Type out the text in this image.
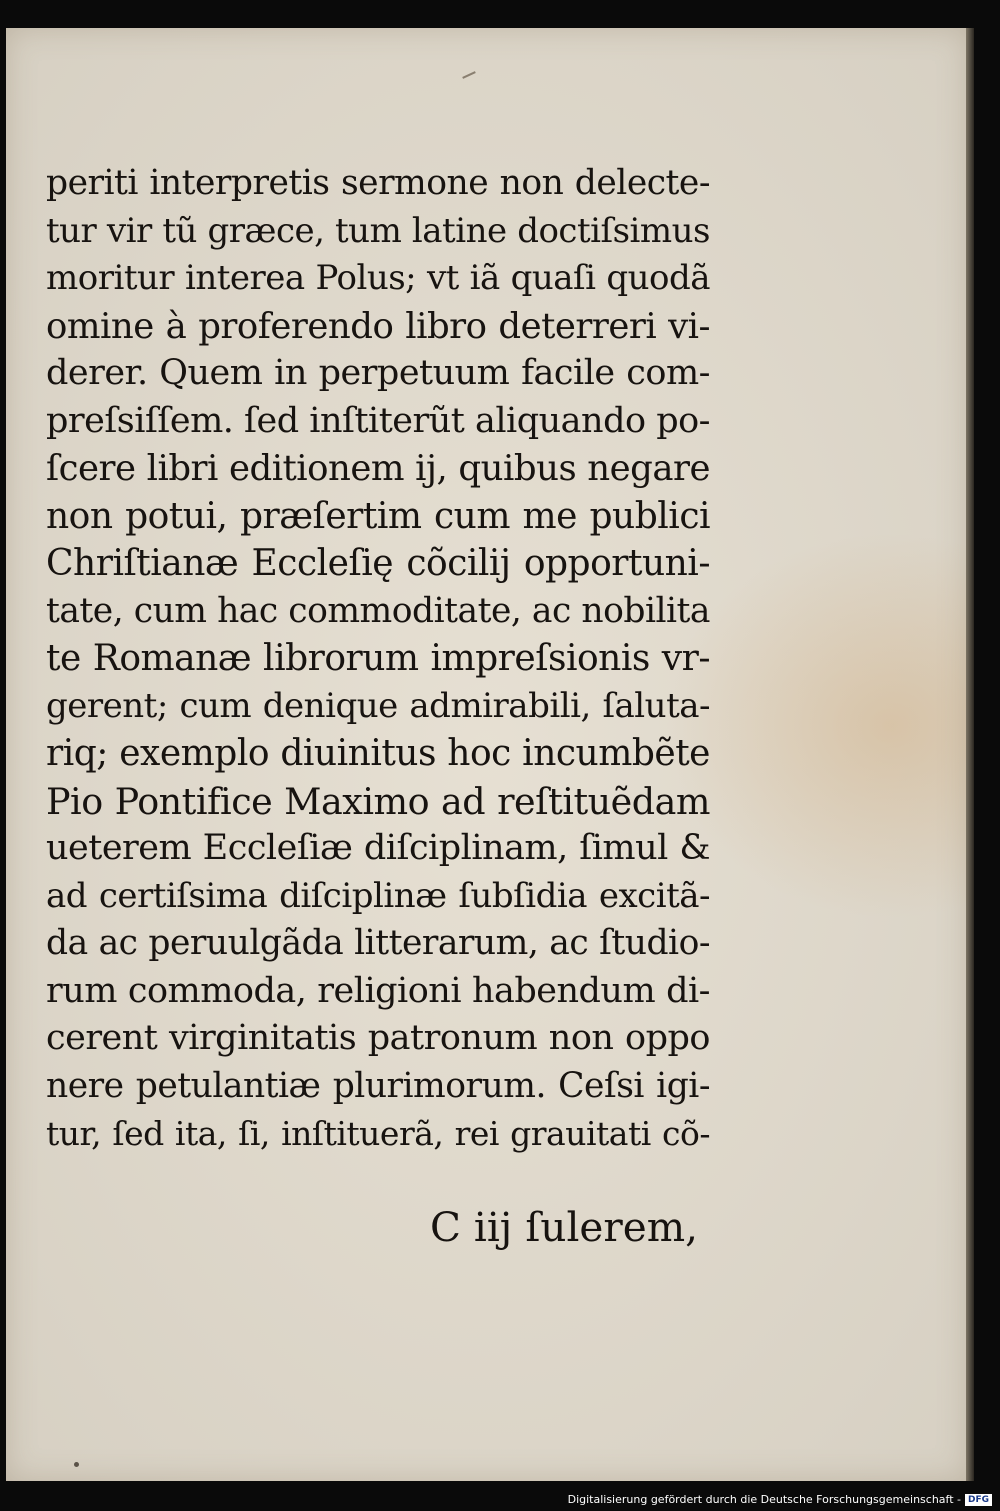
periti interpretis sermone non delecte-
tur vir tũ græce, tum latine doctiſsimus
moritur interea Polus; vt iã quaſi quodã
omine à proferendo libro deterreri vi-
derer. Quem in perpetuum facile com-
preſsiſſem. ſed inſtiterũt aliquando po-
ſcere libri editionem ij, quibus negare
non potui, præſertim cum me publici
Chriſtianæ Eccleſię cõcilij opportuni-
tate, cum hac commoditate, ac nobilita
te Romanæ librorum impreſsionis vr-
gerent; cum denique admirabili, ſaluta-
riq; exemplo diuinitus hoc incumbẽte
Pio Pontifice Maximo ad reſtituẽdam
ueterem Eccleſiæ diſciplinam, ſimul &
ad certiſsima diſciplinæ ſubſidia excitã-
da ac peruulgãda litterarum, ac ſtudio-
rum commoda, religioni habendum di-
cerent virginitatis patronum non oppo
nere petulantiæ plurimorum. Ceſsi igi-
tur, ſed ita, ſi, inſtituerã, rei grauitati cõ-
C iij ſulerem,
Digitalisierung gefördert durch die Deutsche Forschungsgemeinschaft - DFG
